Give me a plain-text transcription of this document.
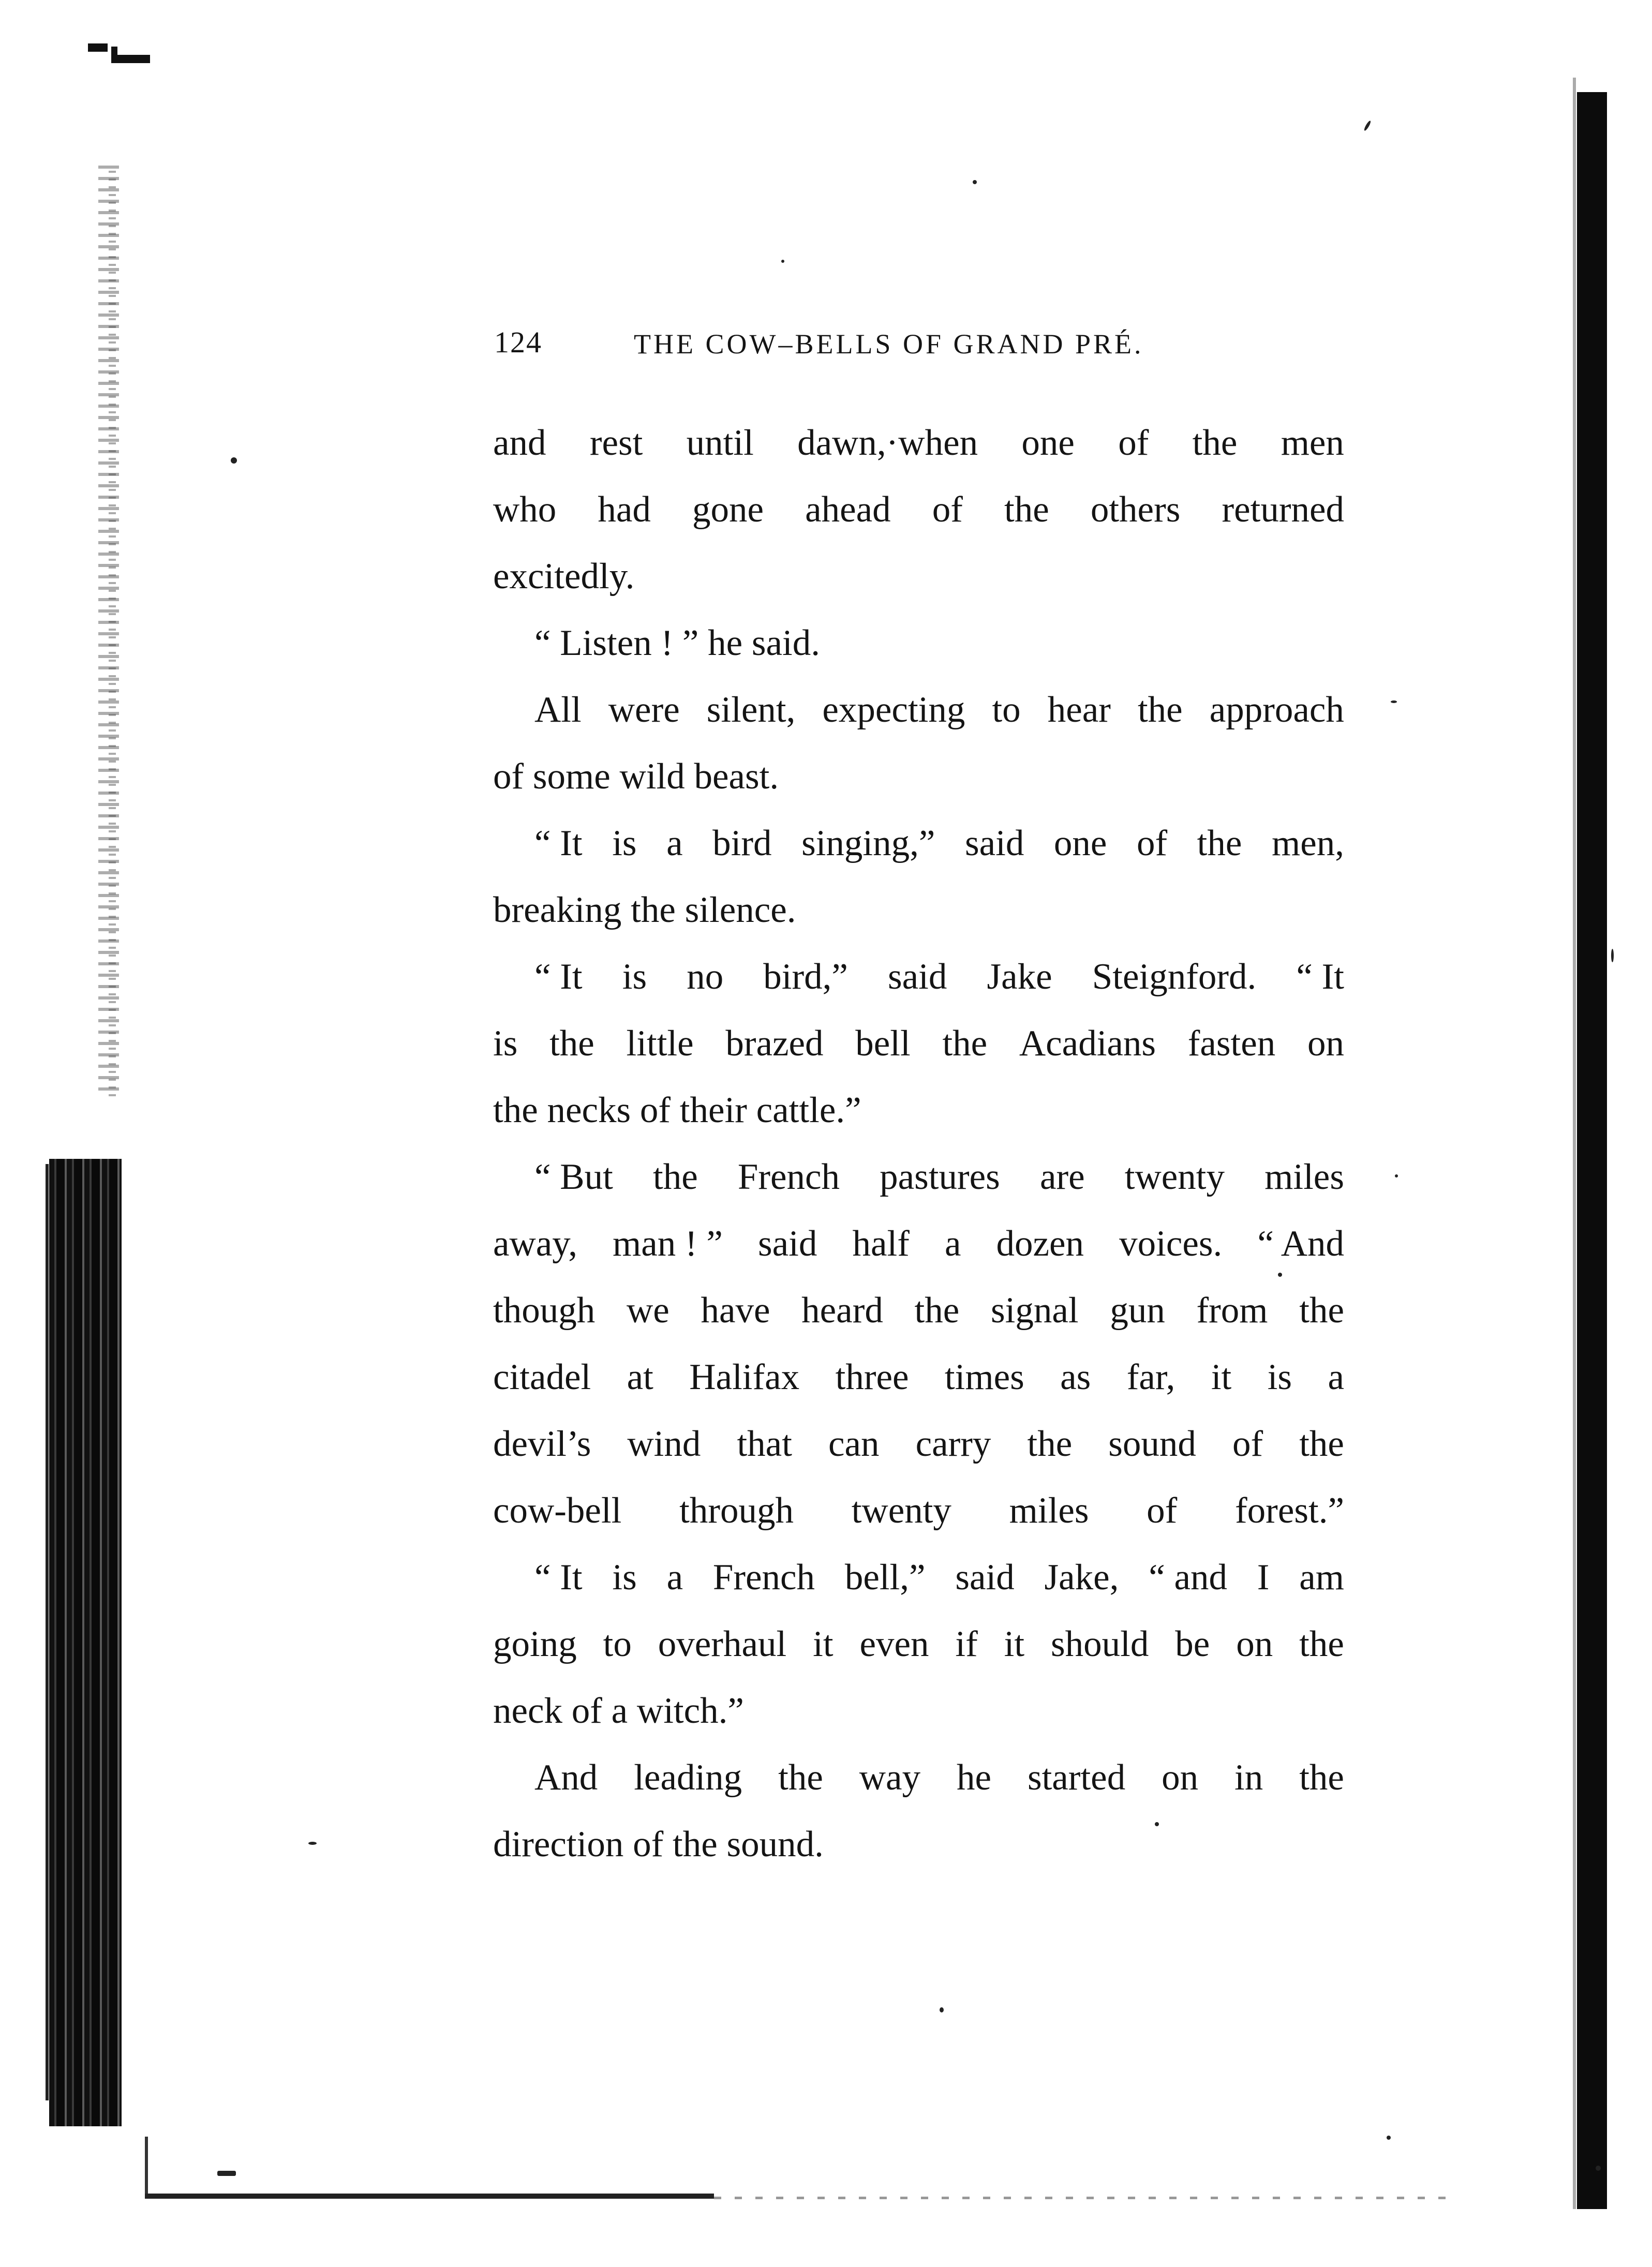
124	THE COW–BELLS OF GRAND PRÉ.
and rest until dawn,·when one of the men
who had gone ahead of the others returned
excitedly.
“ Listen ! ” he said.
All were silent, expecting to hear the approach
of some wild beast.
“ It is a bird singing,” said one of the men,
breaking the silence.
“ It is no bird,” said Jake Steignford. “ It
is the little brazed bell the Acadians fasten on
the necks of their cattle.”
“ But the French pastures are twenty miles
away, man ! ” said half a dozen voices. “ And
though we have heard the signal gun from the
citadel at Halifax three times as far, it is a
devil’s wind that can carry the sound of the
cow-bell through twenty miles of forest.”
“ It is a French bell,” said Jake, “ and I am
going to overhaul it even if it should be on the
neck of a witch.”
And leading the way he started on in the
direction of the sound.
